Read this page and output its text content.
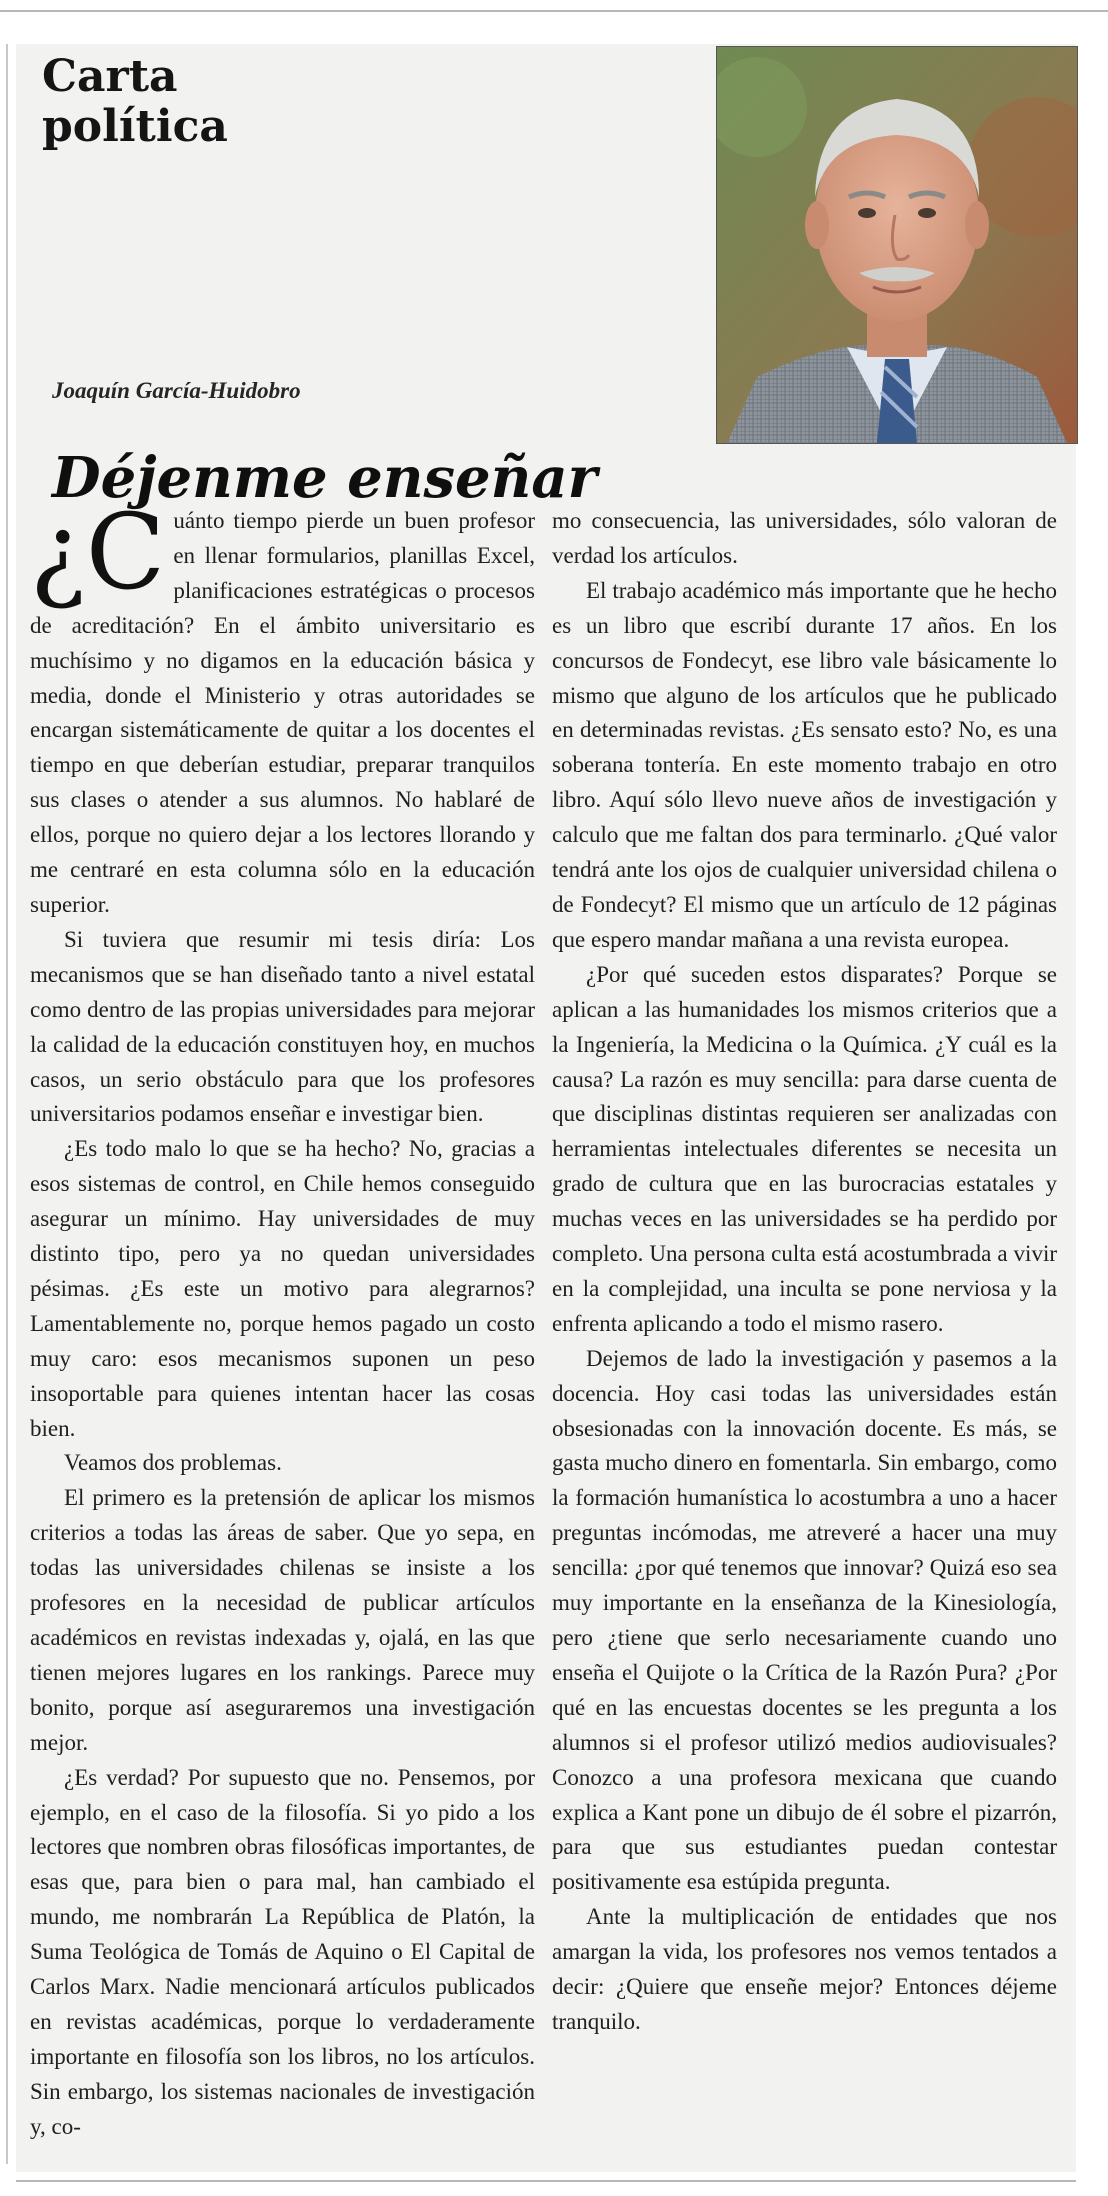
Carta
política
Joaquín García-Huidobro
Déjenme enseñar

¿C uánto tiempo pierde un buen profesor en llenar formularios, planillas Excel, planificaciones estratégicas o procesos de acreditación? En el ámbito universitario es muchísimo y no digamos en la educación básica y media, donde el Ministerio y otras autoridades se encargan sistemáticamente de quitar a los docentes el tiempo en que deberían estudiar, preparar tranquilos sus clases o atender a sus alumnos. No hablaré de ellos, porque no quiero dejar a los lectores llorando y me centraré en esta columna sólo en la educación superior.

Si tuviera que resumir mi tesis diría: Los mecanismos que se han diseñado tanto a nivel estatal como dentro de las propias universidades para mejorar la calidad de la educación constituyen hoy, en muchos casos, un serio obstáculo para que los profesores universitarios podamos enseñar e investigar bien.

¿Es todo malo lo que se ha hecho? No, gracias a esos sistemas de control, en Chile hemos conseguido asegurar un mínimo. Hay universidades de muy distinto tipo, pero ya no quedan universidades pésimas. ¿Es este un motivo para alegrarnos? Lamentablemente no, porque hemos pagado un costo muy caro: esos mecanismos suponen un peso insoportable para quienes intentan hacer las cosas bien.

Veamos dos problemas.

El primero es la pretensión de aplicar los mismos criterios a todas las áreas de saber. Que yo sepa, en todas las universidades chilenas se insiste a los profesores en la necesidad de publicar artículos académicos en revistas indexadas y, ojalá, en las que tienen mejores lugares en los rankings. Parece muy bonito, porque así aseguraremos una investigación mejor.

¿Es verdad? Por supuesto que no. Pensemos, por ejemplo, en el caso de la filosofía. Si yo pido a los lectores que nombren obras filosóficas importantes, de esas que, para bien o para mal, han cambiado el mundo, me nombrarán La República de Platón, la Suma Teológica de Tomás de Aquino o El Capital de Carlos Marx. Nadie mencionará artículos publicados en revistas académicas, porque lo verdaderamente importante en filosofía son los libros, no los artículos. Sin embargo, los sistemas nacionales de investigación y, co-

mo consecuencia, las universidades, sólo valoran de verdad los artículos.

El trabajo académico más importante que he hecho es un libro que escribí durante 17 años. En los concursos de Fondecyt, ese libro vale básicamente lo mismo que alguno de los artículos que he publicado en determinadas revistas. ¿Es sensato esto? No, es una soberana tontería. En este momento trabajo en otro libro. Aquí sólo llevo nueve años de investigación y calculo que me faltan dos para terminarlo. ¿Qué valor tendrá ante los ojos de cualquier universidad chilena o de Fondecyt? El mismo que un artículo de 12 páginas que espero mandar mañana a una revista europea.

¿Por qué suceden estos disparates? Porque se aplican a las humanidades los mismos criterios que a la Ingeniería, la Medicina o la Química. ¿Y cuál es la causa? La razón es muy sencilla: para darse cuenta de que disciplinas distintas requieren ser analizadas con herramientas intelectuales diferentes se necesita un grado de cultura que en las burocracias estatales y muchas veces en las universidades se ha perdido por completo. Una persona culta está acostumbrada a vivir en la complejidad, una inculta se pone nerviosa y la enfrenta aplicando a todo el mismo rasero.

Dejemos de lado la investigación y pasemos a la docencia. Hoy casi todas las universidades están obsesionadas con la innovación docente. Es más, se gasta mucho dinero en fomentarla. Sin embargo, como la formación humanística lo acostumbra a uno a hacer preguntas incómodas, me atreveré a hacer una muy sencilla: ¿por qué tenemos que innovar? Quizá eso sea muy importante en la enseñanza de la Kinesiología, pero ¿tiene que serlo necesariamente cuando uno enseña el Quijote o la Crítica de la Razón Pura? ¿Por qué en las encuestas docentes se les pregunta a los alumnos si el profesor utilizó medios audiovisuales? Conozco a una profesora mexicana que cuando explica a Kant pone un dibujo de él sobre el pizarrón, para que sus estudiantes puedan contestar positivamente esa estúpida pregunta.

Ante la multiplicación de entidades que nos amargan la vida, los profesores nos vemos tentados a decir: ¿Quiere que enseñe mejor? Entonces déjeme tranquilo.
